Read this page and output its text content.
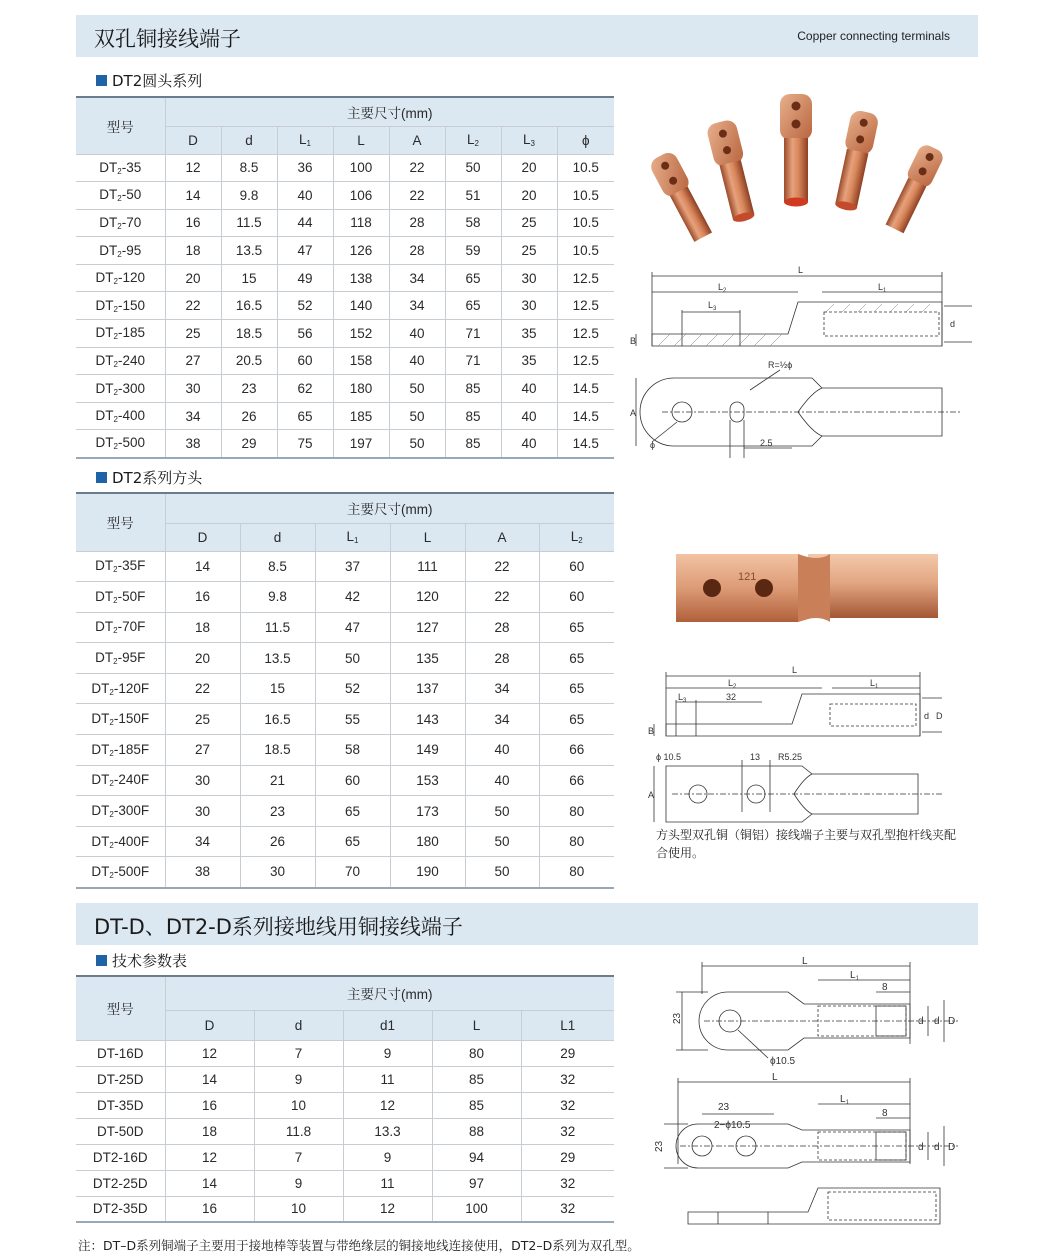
双孔铜接线端子	Copper connecting terminals
DT2圆头系列
型号	主要尺寸(mm)							
	D	d	$L_1$	L	A	$L_2$	$L_3$	ϕ
$DT_2-35$	12	8.5	36	100	22	50	20	10.5
$DT_2-50$	14	9.8	40	106	22	51	20	10.5
$DT_2-70$	16	11.5	44	118	28	58	25	10.5
$DT_2-95$	18	13.5	47	126	28	59	25	10.5
$DT_2-120$	20	15	49	138	34	65	30	12.5
$DT_2-150$	22	16.5	52	140	34	65	30	12.5
$DT_2-185$	25	18.5	56	152	40	71	35	12.5
$DT_2-240$	27	20.5	60	158	40	71	35	12.5
$DT_2-300$	30	23	62	180	50	85	40	14.5
$DT_2-400$	34	26	65	185	50	85	40	14.5
$DT_2-500$	38	29	75	197	50	85	40	14.5
DT2系列方头
型号	主要尺寸(mm)					
	D	d	$L_1$	L	A	$L_2$
$DT_2-35F$	14	8.5	37	111	22	60
$DT_2-50F$	16	9.8	42	120	22	60
$DT_2-70F$	18	11.5	47	127	28	65
$DT_2-95F$	20	13.5	50	135	28	65
$DT_2-120F$	22	15	52	137	34	65
$DT_2-150F$	25	16.5	55	143	34	65
$DT_2-185F$	27	18.5	58	149	40	66
$DT_2-240F$	30	21	60	153	40	66
$DT_2-300F$	30	23	65	173	50	80
$DT_2-400F$	34	26	65	180	50	80
$DT_2-500F$	38	30	70	190	50	80
DT-D、DT2-D系列接地线用铜接线端子
技术参数表
型号	主要尺寸(mm)				
	D	d	d1	L	L1
DT-16D	12	7	9	80	29
DT-25D	14	9	11	85	32
DT-35D	16	10	12	85	32
DT-50D	18	11.8	13.3	88	32
DT2-16D	12	7	9	94	29
DT2-25D	14	9	11	97	32
DT2-35D	16	10	12	100	32
L
$L_2$	$L_1$
$L_3$
d
B
A
ϕ
R=½ϕ
2.5
121
L
$L_2$	$L_1$
$L_3$	32
d D
B
ϕ 10.5	13 R5.25
A
方头型双孔铜（铜铝）接线端子主要与双孔型抱杆线夹配合使用。
L
$L_1$
8
23	d d D
ϕ10.5
L
$L_1$
8
23
2−ϕ10.5
23	d d D
注：DT–D系列铜端子主要用于接地棒等装置与带绝缘层的铜接地线连接使用，DT2–D系列为双孔型。
